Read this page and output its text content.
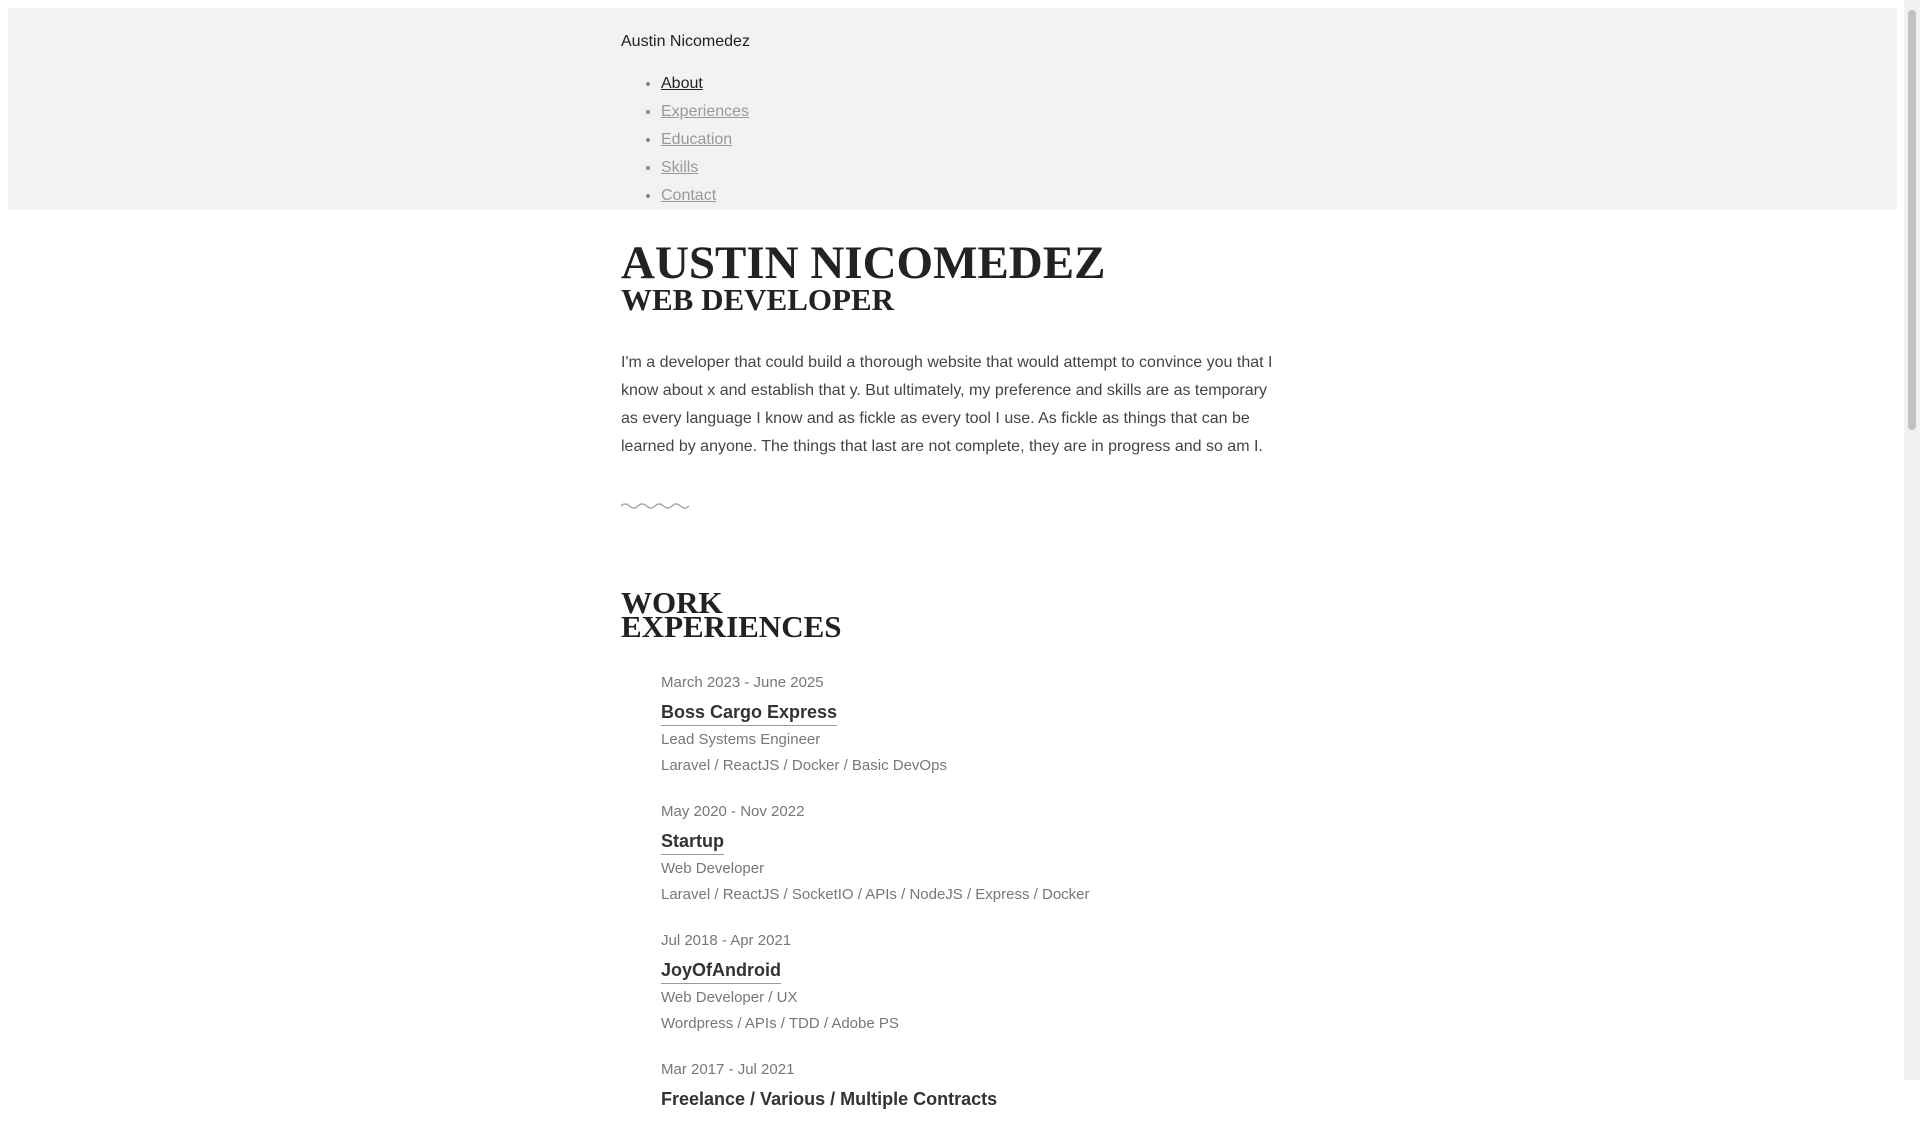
Austin Nicomedez
• About
• Experiences
• Education
• Skills
• Contact
AUSTIN NICOMEDEZ
WEB DEVELOPER

I'm a developer that could build a thorough website that would attempt to convince you that I know about x and establish that y. But ultimately, my preference and skills are as temporary as every language I know and as fickle as every tool I use. As fickle as things that can be learned by anyone. The things that last are not complete, they are in progress and so am I.

WORK EXPERIENCES
March 2023 - June 2025
Boss Cargo Express
Lead Systems Engineer
Laravel / ReactJS / Docker / Basic DevOps
May 2020 - Nov 2022
Startup
Web Developer
Laravel / ReactJS / SocketIO / APIs / NodeJS / Express / Docker
Jul 2018 - Apr 2021
JoyOfAndroid
Web Developer / UX
Wordpress / APIs / TDD / Adobe PS
Mar 2017 - Jul 2021
Freelance / Various / Multiple Contracts
